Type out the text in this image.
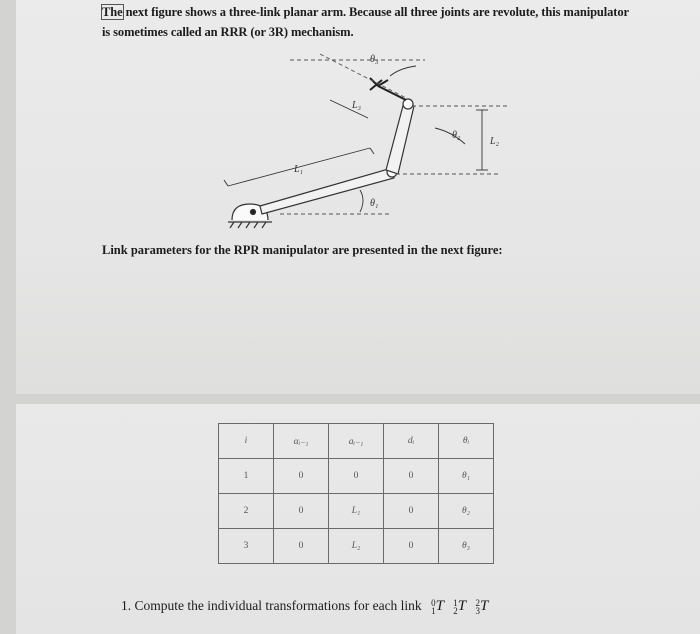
The next figure shows a three-link planar arm. Because all three joints are revolute, this manipulator
is sometimes called an RRR (or 3R) mechanism.
θ₁
θ₂
θ₃
L₁
L₂
L₃
Link parameters for the RPR manipulator are presented in the next figure:
i	αᵢ₋₁	aᵢ₋₁	dᵢ	θᵢ
1	0	0	0	θ₁
2	0	L₁	0	θ₂
3	0	L₂	0	θ₃
1. Compute the individual transformations for each link 0
1T 1
2T 2
3T
